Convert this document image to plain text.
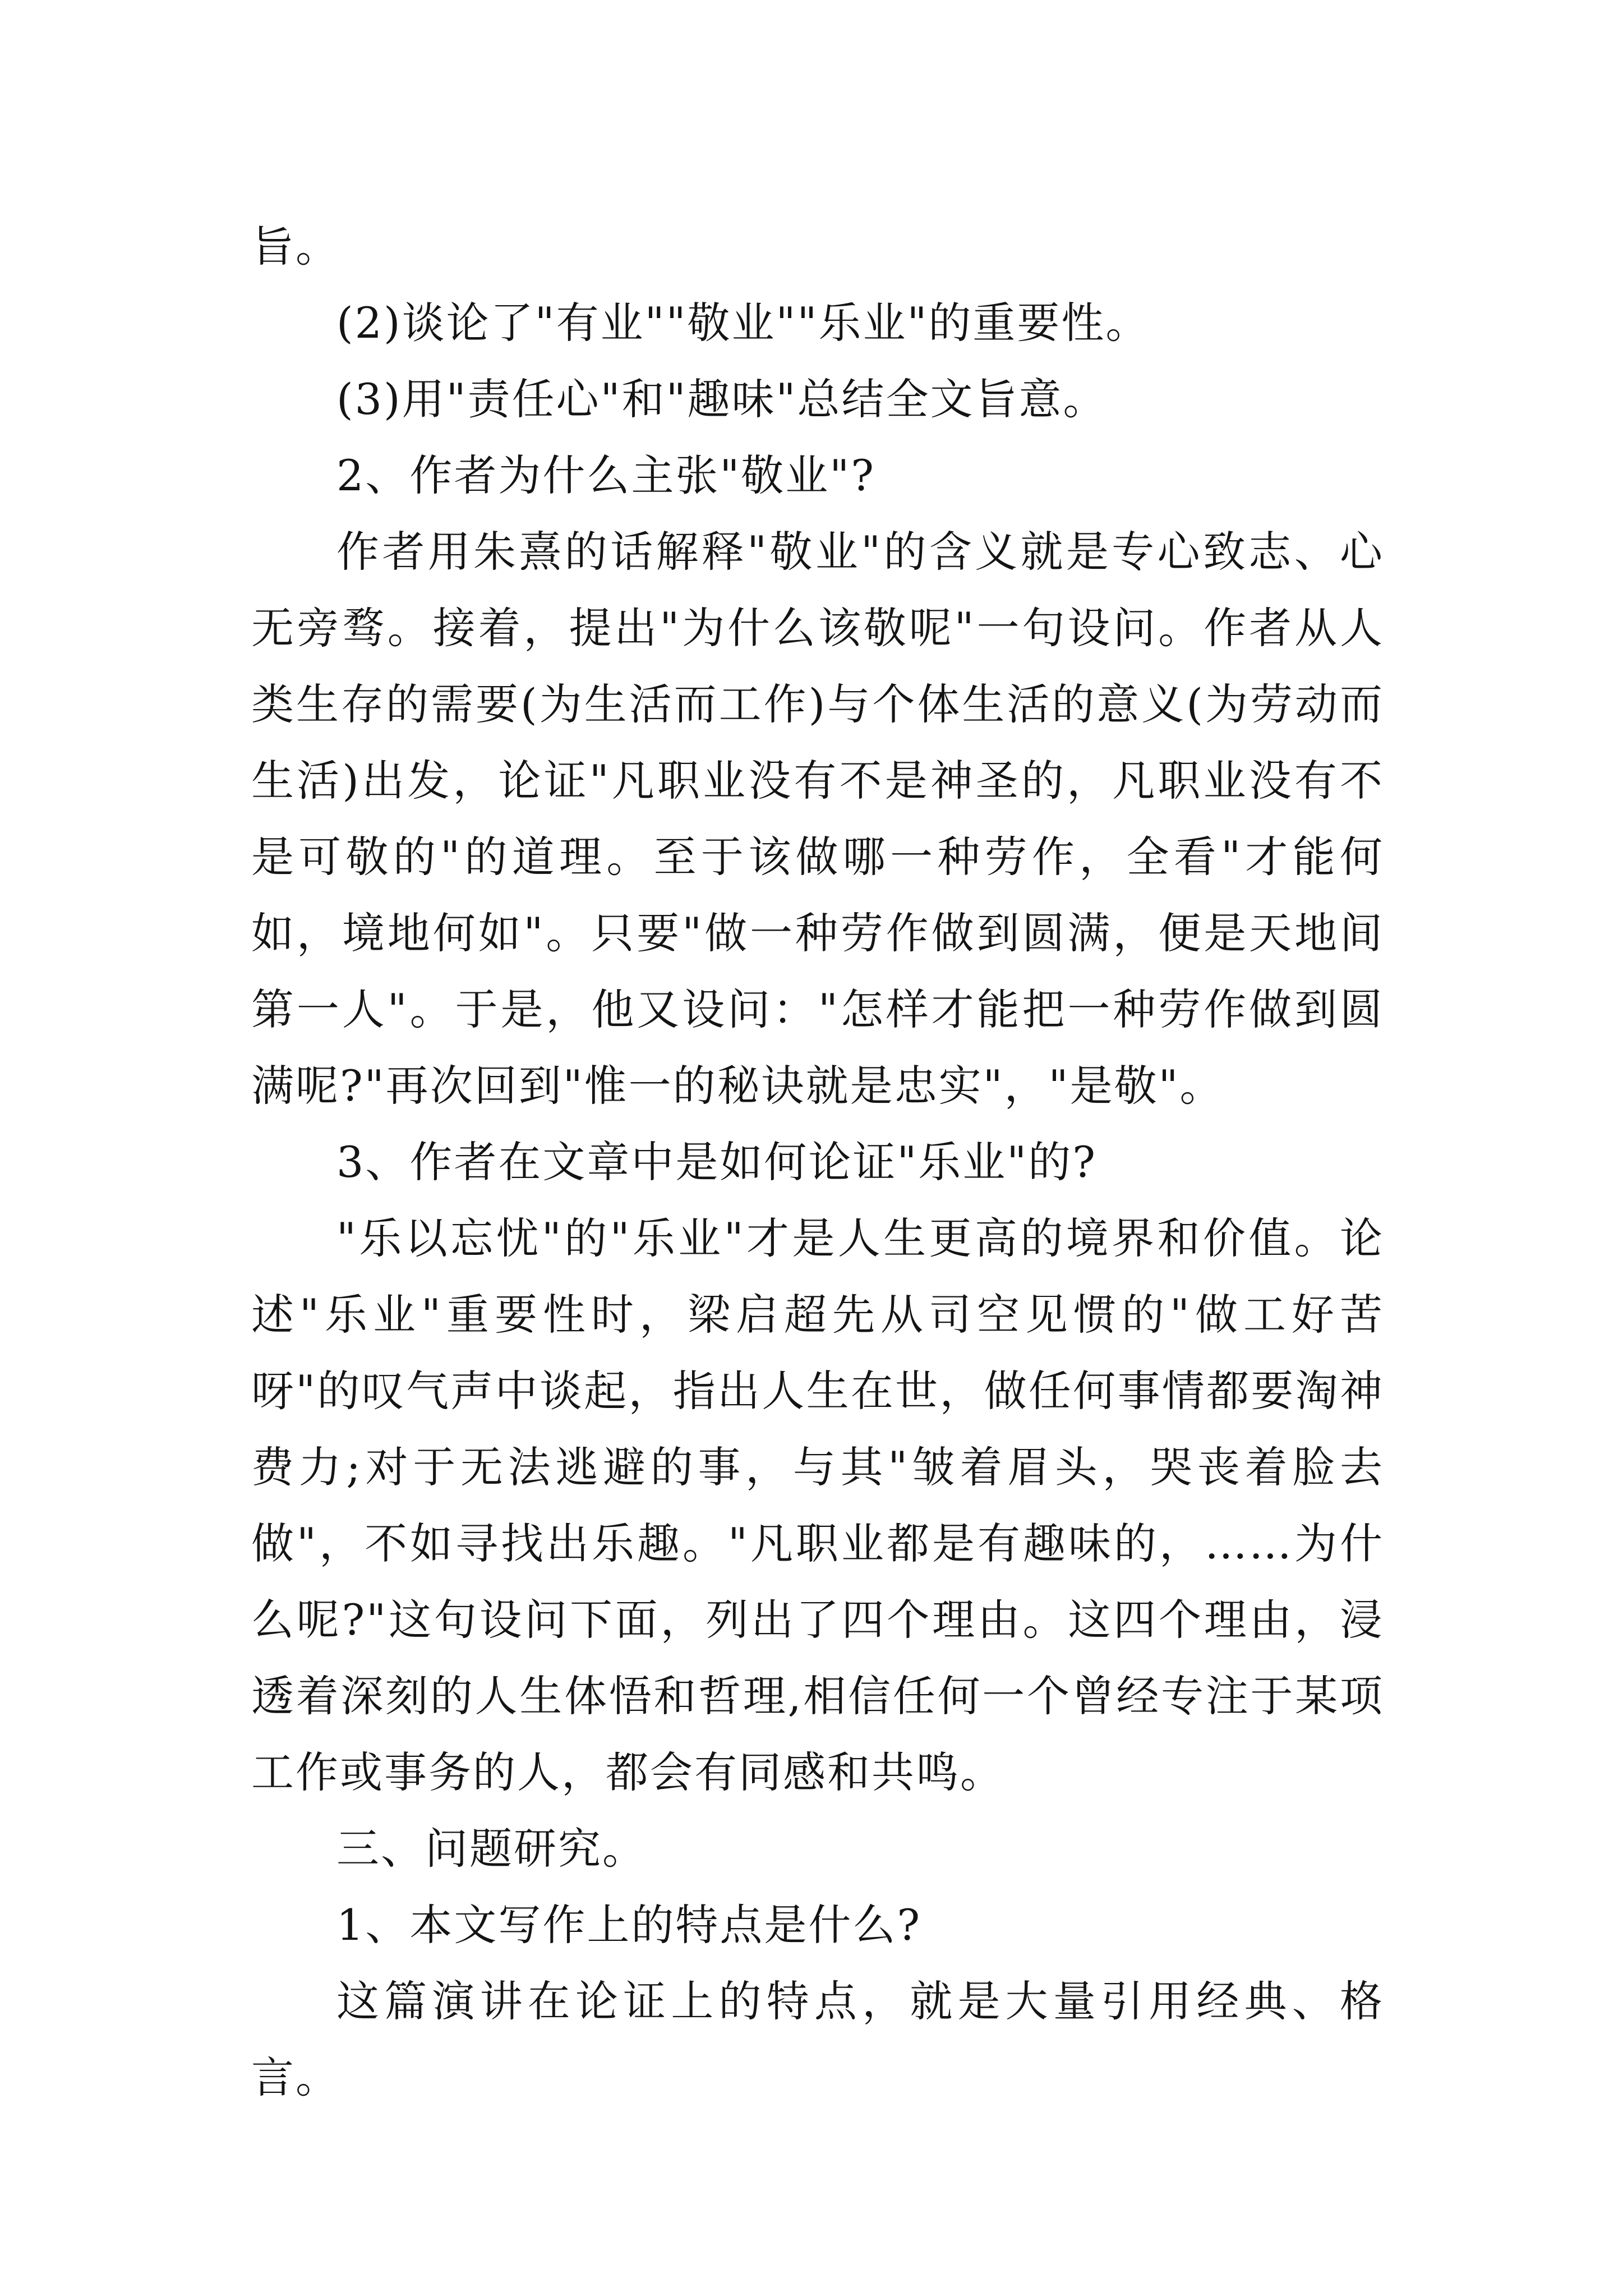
旨。

(2)谈论了"有业""敬业""乐业"的重要性。

(3)用"责任心"和"趣味"总结全文旨意。

2、作者为什么主张"敬业"?

作者用朱熹的话解释"敬业"的含义就是专心致志、心无旁骛。接着，提出"为什么该敬呢"一句设问。作者从人类生存的需要(为生活而工作)与个体生活的意义(为劳动而生活)出发，论证"凡职业没有不是神圣的，凡职业没有不是可敬的"的道理。至于该做哪一种劳作，全看"才能何如，境地何如"。只要"做一种劳作做到圆满，便是天地间第一人"。于是，他又设问："怎样才能把一种劳作做到圆满呢?"再次回到"惟一的秘诀就是忠实"，"是敬"。

3、作者在文章中是如何论证"乐业"的?

"乐以忘忧"的"乐业"才是人生更高的境界和价值。论述"乐业"重要性时，梁启超先从司空见惯的"做工好苦呀"的叹气声中谈起，指出人生在世，做任何事情都要淘神费力;对于无法逃避的事，与其"皱着眉头，哭丧着脸去做"，不如寻找出乐趣。"凡职业都是有趣味的，……为什么呢?"这句设问下面，列出了四个理由。这四个理由，浸透着深刻的人生体悟和哲理,相信任何一个曾经专注于某项工作或事务的人，都会有同感和共鸣。

三、问题研究。

1、本文写作上的特点是什么?

这篇演讲在论证上的特点，就是大量引用经典、格言。
